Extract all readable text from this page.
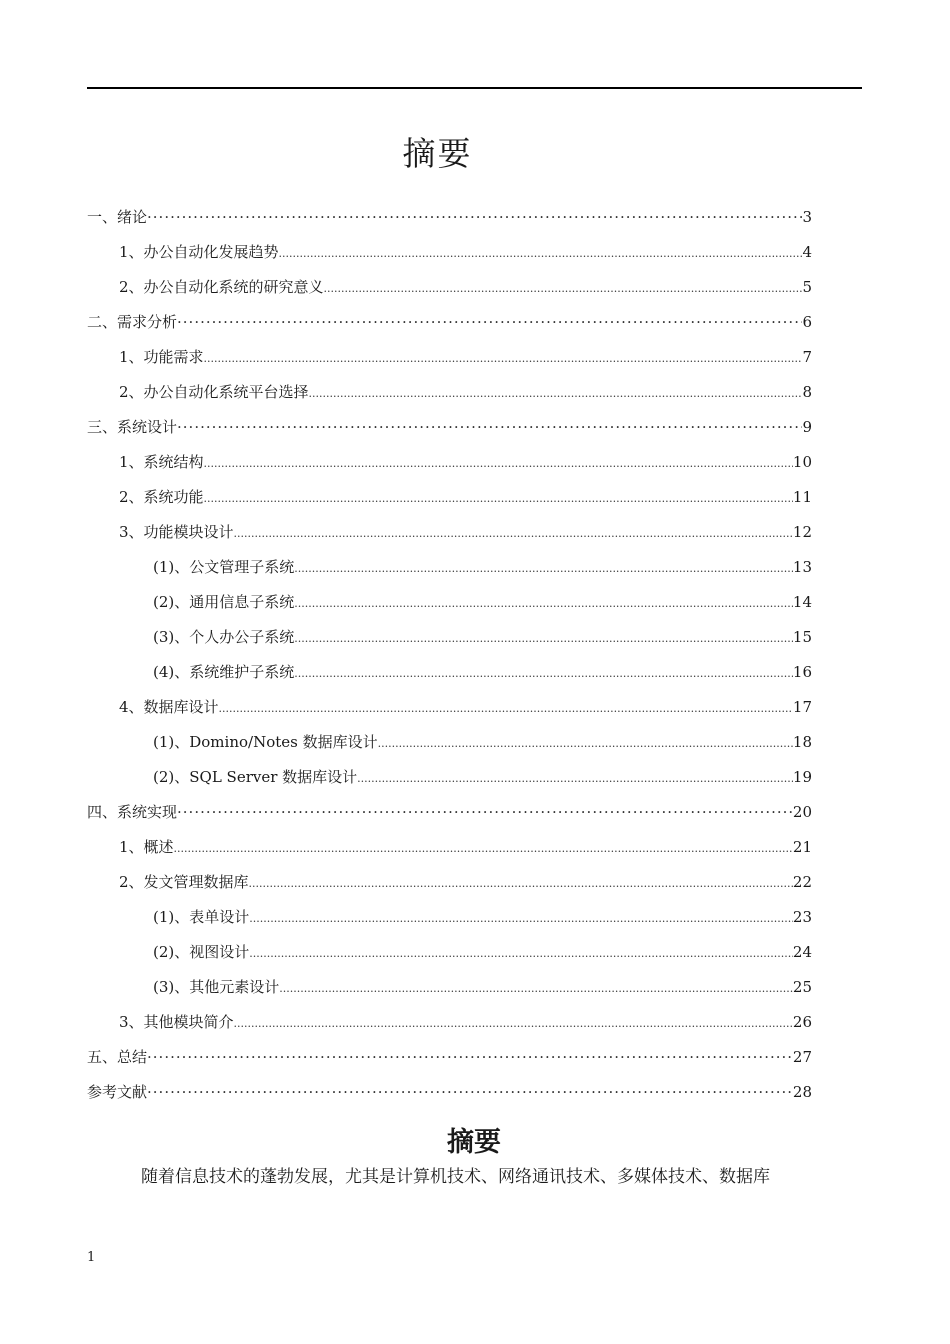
摘要
一、绪论 ·····	3
1、办公自动化发展趋势 .....	4
2、办公自动化系统的研究意义 .....	5
二、需求分析 ·····	6
1、功能需求 .....	7
2、办公自动化系统平台选择 .....	8
三、系统设计 ·····	9
1、系统结构 .....	10
2、系统功能 .....	11
3、功能模块设计 .....	12
(1)、公文管理子系统 .....	13
(2)、通用信息子系统 .....	14
(3)、个人办公子系统 .....	15
(4)、系统维护子系统 .....	16
4、数据库设计 .....	17
(1)、Domino/Notes 数据库设计 .....	18
(2)、SQL Server 数据库设计 .....	19
四、系统实现 ·····	20
1、概述 .....	21
2、发文管理数据库 .....	22
(1)、表单设计 .....	23
(2)、视图设计 .....	24
(3)、其他元素设计 .....	25
3、其他模块简介 .....	26
五、总结 ·····	27
参考文献 ·····	28
摘要
随着信息技术的蓬勃发展，尤其是计算机技术、网络通讯技术、多媒体技术、数据库
1
